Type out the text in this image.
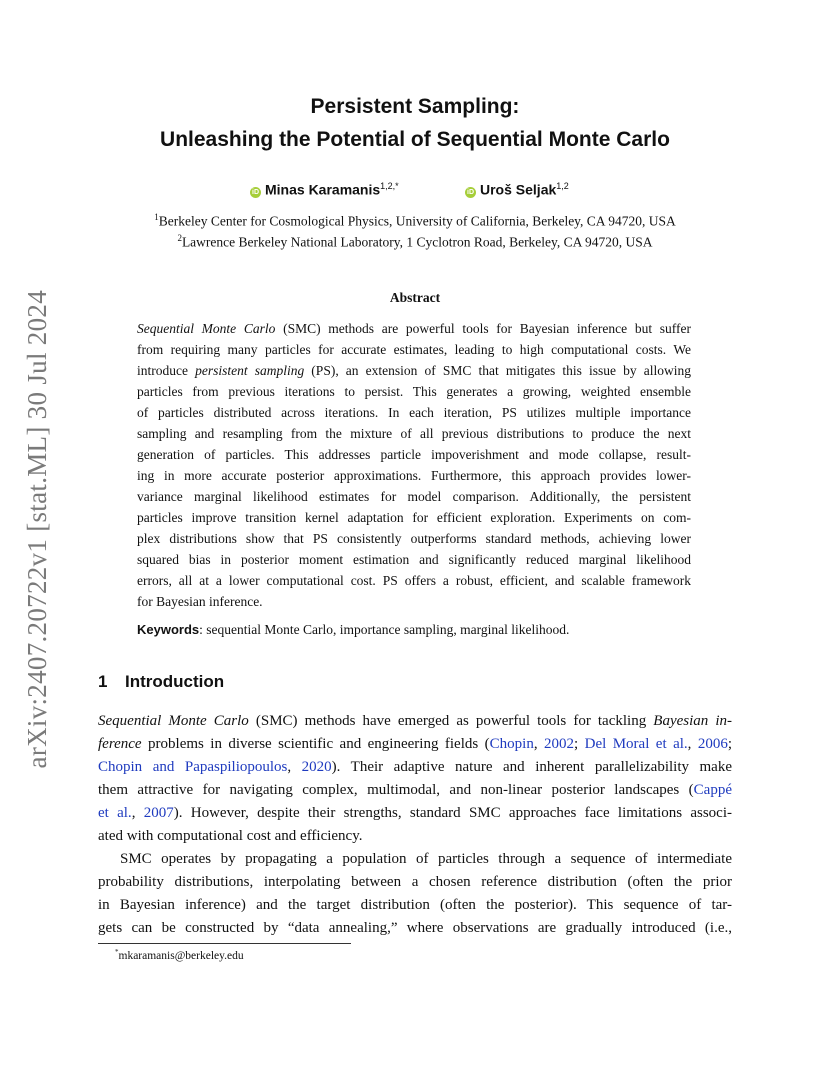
arXiv:2407.20722v1 [stat.ML] 30 Jul 2024
Persistent Sampling:
Unleashing the Potential of Sequential Monte Carlo
iD Minas Karamanis$^{1,2,*}$
iD Uroš Seljak$^{1,2}$
$^1$Berkeley Center for Cosmological Physics, University of California, Berkeley, CA 94720, USA
$^2$Lawrence Berkeley National Laboratory, 1 Cyclotron Road, Berkeley, CA 94720, USA
Abstract
Sequential Monte Carlo (SMC) methods are powerful tools for Bayesian inference but suffer
from requiring many particles for accurate estimates, leading to high computational costs. We
introduce persistent sampling (PS), an extension of SMC that mitigates this issue by allowing
particles from previous iterations to persist. This generates a growing, weighted ensemble
of particles distributed across iterations. In each iteration, PS utilizes multiple importance
sampling and resampling from the mixture of all previous distributions to produce the next
generation of particles. This addresses particle impoverishment and mode collapse, result-
ing in more accurate posterior approximations. Furthermore, this approach provides lower-
variance marginal likelihood estimates for model comparison. Additionally, the persistent
particles improve transition kernel adaptation for efficient exploration. Experiments on com-
plex distributions show that PS consistently outperforms standard methods, achieving lower
squared bias in posterior moment estimation and significantly reduced marginal likelihood
errors, all at a lower computational cost. PS offers a robust, efficient, and scalable framework
for Bayesian inference.
Keywords: sequential Monte Carlo, importance sampling, marginal likelihood.
1 Introduction
Sequential Monte Carlo (SMC) methods have emerged as powerful tools for tackling Bayesian in-
ference problems in diverse scientific and engineering fields (Chopin, 2002; Del Moral et al., 2006;
Chopin and Papaspiliopoulos, 2020). Their adaptive nature and inherent parallelizability make
them attractive for navigating complex, multimodal, and non-linear posterior landscapes (Cappé
et al., 2007). However, despite their strengths, standard SMC approaches face limitations associ-
ated with computational cost and efficiency.
SMC operates by propagating a population of particles through a sequence of intermediate
probability distributions, interpolating between a chosen reference distribution (often the prior
in Bayesian inference) and the target distribution (often the posterior). This sequence of tar-
gets can be constructed by “data annealing,” where observations are gradually introduced (i.e.,
*mkaramanis@berkeley.edu
